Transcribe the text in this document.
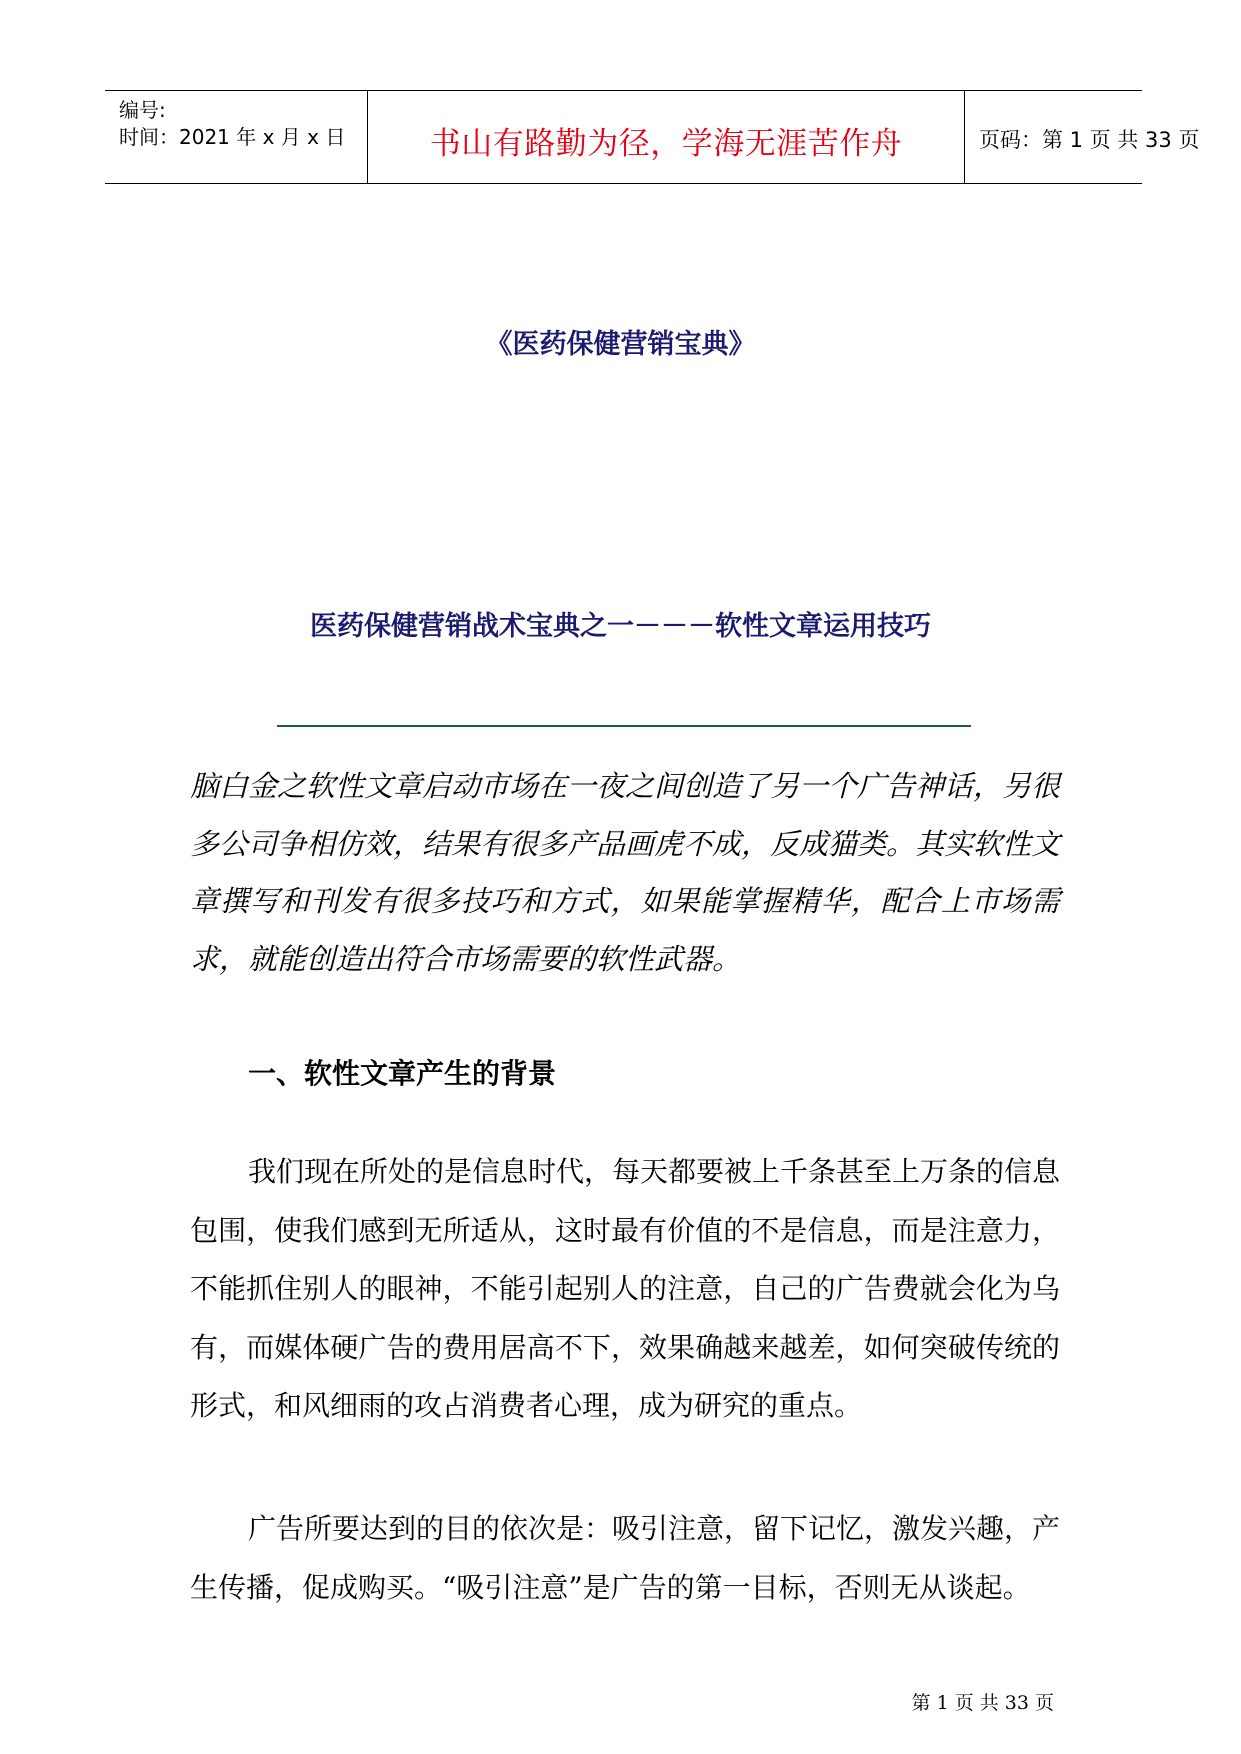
编号:
时间：2021 年 x 月 x 日	书山有路勤为径，学海无涯苦作舟	页码：第 1 页 共 33 页
《医药保健营销宝典》
医药保健营销战术宝典之一－－－软性文章运用技巧
脑白金之软性文章启动市场在一夜之间创造了另一个广告神话，另很多公司争相仿效，结果有很多产品画虎不成，反成猫类。其实软性文章撰写和刊发有很多技巧和方式，如果能掌握精华，配合上市场需求，就能创造出符合市场需要的软性武器。
一、软性文章产生的背景
我们现在所处的是信息时代，每天都要被上千条甚至上万条的信息包围，使我们感到无所适从，这时最有价值的不是信息，而是注意力，不能抓住别人的眼神，不能引起别人的注意，自己的广告费就会化为乌有，而媒体硬广告的费用居高不下，效果确越来越差，如何突破传统的形式，和风细雨的攻占消费者心理，成为研究的重点。
广告所要达到的目的依次是：吸引注意，留下记忆，激发兴趣，产生传播，促成购买。“吸引注意”是广告的第一目标，否则无从谈起。
第 1 页 共 33 页
